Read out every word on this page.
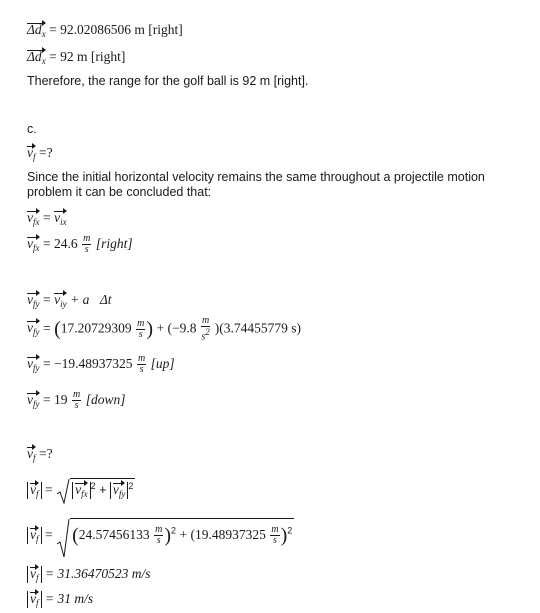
$\Delta d_x = 92.02086506$ m [right]
$\Delta d_x = 92$ m [right]
Therefore, the range for the golf ball is 92 m [right].
c.
$v_f$ =?
Since the initial horizontal velocity remains the same throughout a projectile motion problem it can be concluded that:
$v_{fx} = v_{ix}$
$v_{fx} = 24.6 \frac{m}{s}$ [right]
$v_{fy} = v_{iy}$ + a⃗Δt
$v_{fy} = (17.20729309 \frac{m}{s}$ ) + $(-9.8 \frac{m}{s^2} )(3.74455779$ s)
$v_{fy} = -19.48937325 \frac{m}{s} [up]$
$v_{fy} = 19 \frac{m}{s}$ [down]
$v_f$ =?
$v_f = v_{fx}^2 + v_{fy}^2$
$v_f = (24.57456133 \frac{m}{s} )^2 + (19.48937325 \frac{m}{s} )^2$
$v_f = 31.36470523$ m/s
$v_f = 31$ m/s
